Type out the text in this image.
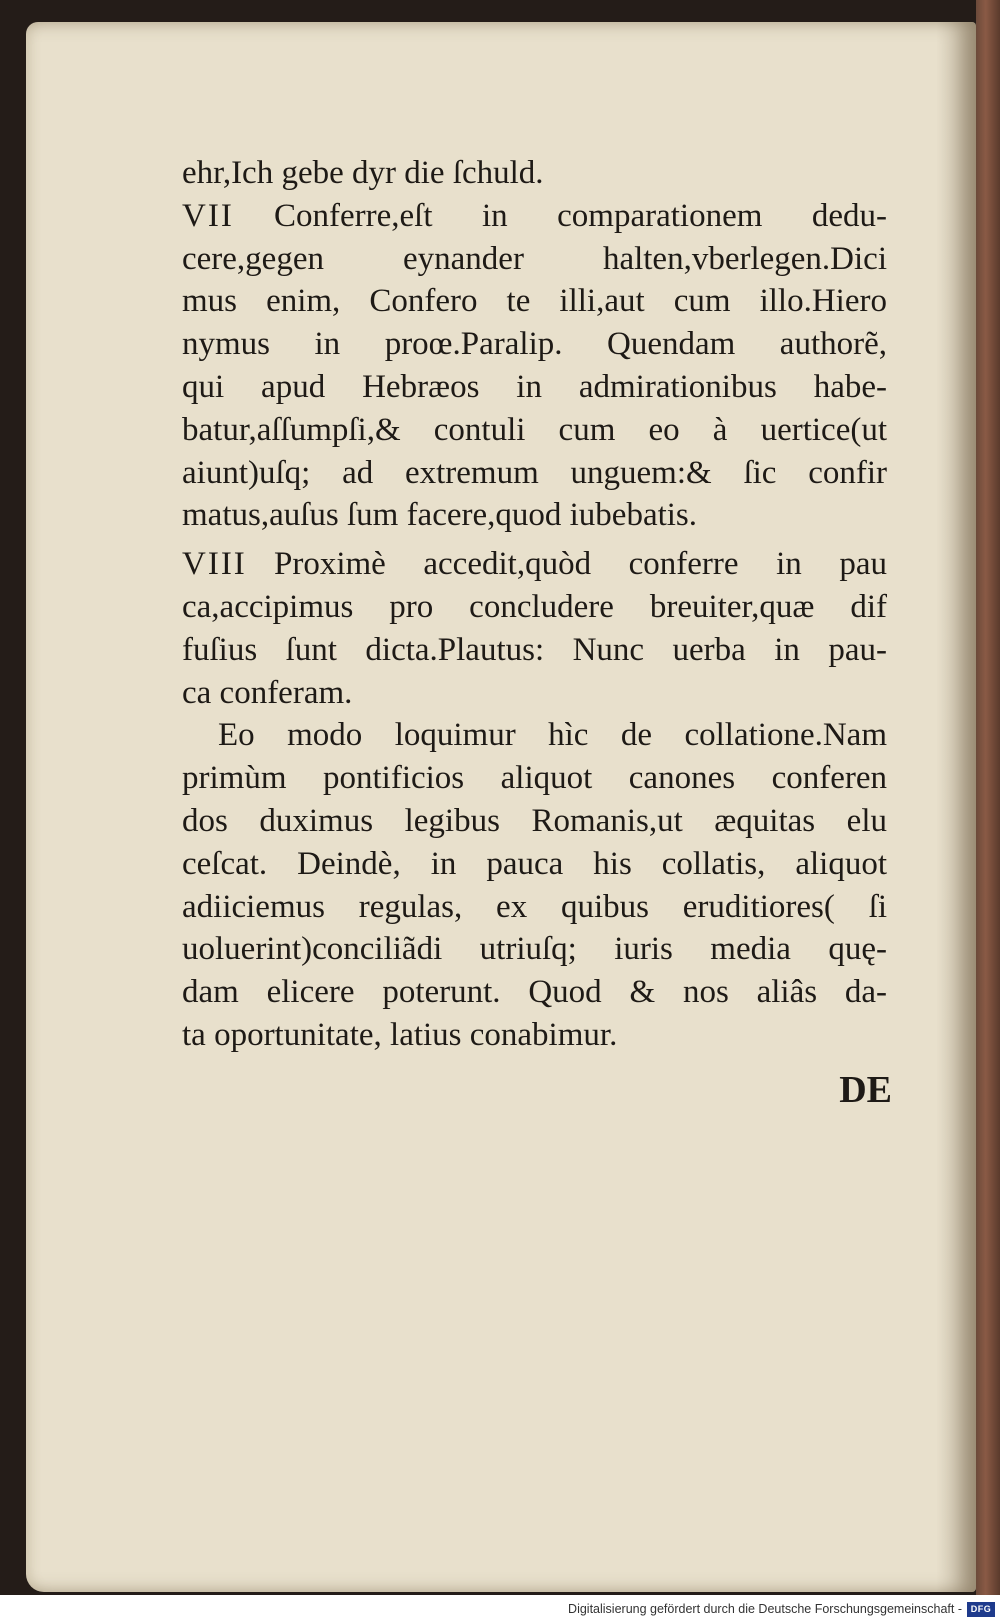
ehr,Ich gebe dyr die ſchuld.
VII	Conferre,eſt in comparationem dedu-
cere,gegen eynander halten,vberlegen.Dici
mus enim, Confero te illi,aut cum illo.Hiero
nymus in proœ.Paralip. Quendam authorẽ,
qui apud Hebræos in admirationibus habe-
batur,aſſumpſi,& contuli cum eo à uertice(ut
aiunt)uſq; ad extremum unguem:& ſic confir
matus,auſus ſum facere,quod iubebatis.
VIII Proximè accedit,quòd conferre in pau
ca,accipimus pro concludere breuiter,quæ dif
fuſius ſunt dicta.Plautus: Nunc uerba in pau-
ca conferam.
Eo modo loquimur hìc de collatione.Nam
primùm pontificios aliquot canones conferen
dos duximus legibus Romanis,ut æquitas elu
ceſcat. Deindè, in pauca his collatis, aliquot
adiiciemus regulas, ex quibus eruditiores( ſi
uoluerint)conciliãdi utriuſq; iuris media quę-
dam elicere poterunt. Quod & nos aliâs da-
ta oportunitate, latius conabimur.
DE
Digitalisierung gefördert durch die Deutsche Forschungsgemeinschaft - DFG
